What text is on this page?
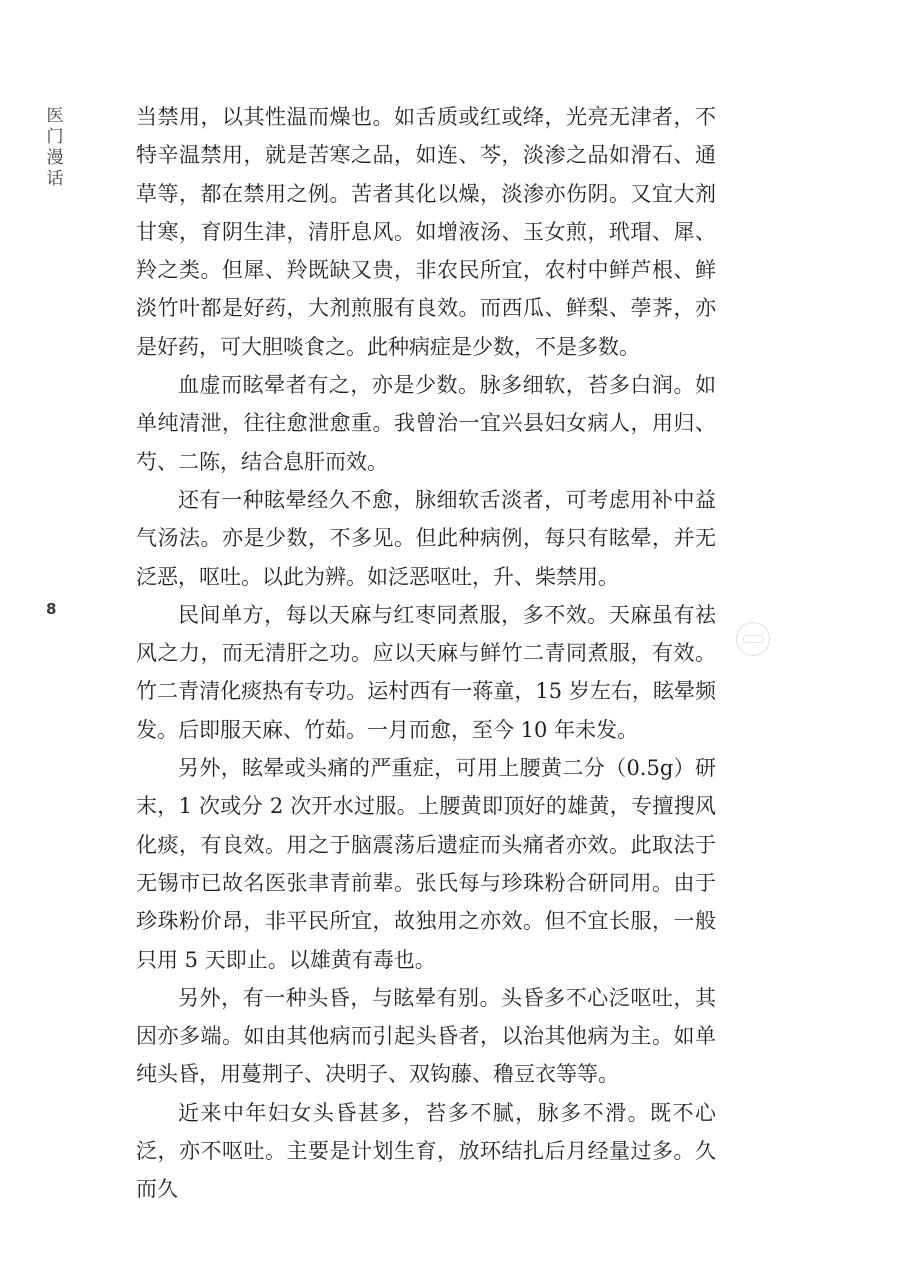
医
门
漫
话
8

当禁用，以其性温而燥也。如舌质或红或绛，光亮无津者，不特辛温禁用，就是苦寒之品，如连、芩，淡渗之品如滑石、通草等，都在禁用之例。苦者其化以燥，淡渗亦伤阴。又宜大剂甘寒，育阴生津，清肝息风。如增液汤、玉女煎，玳瑁、犀、羚之类。但犀、羚既缺又贵，非农民所宜，农村中鲜芦根、鲜淡竹叶都是好药，大剂煎服有良效。而西瓜、鲜梨、荸荠，亦是好药，可大胆啖食之。此种病症是少数，不是多数。

血虚而眩晕者有之，亦是少数。脉多细软，苔多白润。如单纯清泄，往往愈泄愈重。我曾治一宜兴县妇女病人，用归、芍、二陈，结合息肝而效。

还有一种眩晕经久不愈，脉细软舌淡者，可考虑用补中益气汤法。亦是少数，不多见。但此种病例，每只有眩晕，并无泛恶，呕吐。以此为辨。如泛恶呕吐，升、柴禁用。

民间单方，每以天麻与红枣同煮服，多不效。天麻虽有祛风之力，而无清肝之功。应以天麻与鲜竹二青同煮服，有效。竹二青清化痰热有专功。运村西有一蒋童，15 岁左右，眩晕频发。后即服天麻、竹茹。一月而愈，至今 10 年未发。

另外，眩晕或头痛的严重症，可用上腰黄二分（0.5g）研末，1 次或分 2 次开水过服。上腰黄即顶好的雄黄，专擅搜风化痰，有良效。用之于脑震荡后遗症而头痛者亦效。此取法于无锡市已故名医张聿青前辈。张氏每与珍珠粉合研同用。由于珍珠粉价昂，非平民所宜，故独用之亦效。但不宜长服，一般只用 5 天即止。以雄黄有毒也。

另外，有一种头昏，与眩晕有别。头昏多不心泛呕吐，其因亦多端。如由其他病而引起头昏者，以治其他病为主。如单纯头昏，用蔓荆子、决明子、双钩藤、穞豆衣等等。

近来中年妇女头昏甚多，苔多不腻，脉多不滑。既不心泛，亦不呕吐。主要是计划生育，放环结扎后月经量过多。久而久
